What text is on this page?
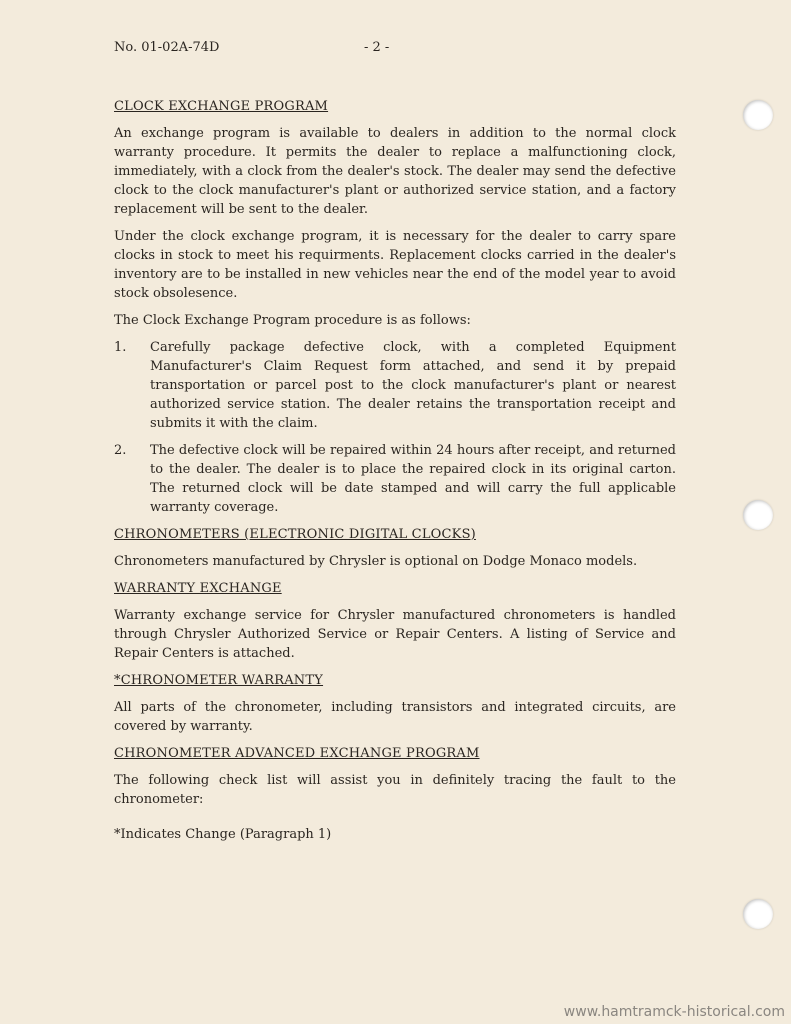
No. 01-02A-74D	- 2 -
CLOCK EXCHANGE PROGRAM

An exchange program is available to dealers in addition to the normal clock warranty procedure. It permits the dealer to replace a malfunctioning clock, immediately, with a clock from the dealer's stock. The dealer may send the defective clock to the clock manufacturer's plant or authorized service station, and a factory replacement will be sent to the dealer.

Under the clock exchange program, it is necessary for the dealer to carry spare clocks in stock to meet his requirments. Replacement clocks carried in the dealer's inventory are to be installed in new vehicles near the end of the model year to avoid stock obsolesence.

The Clock Exchange Program procedure is as follows:

1.	Carefully package defective clock, with a completed Equipment Manufacturer's Claim Request form attached, and send it by prepaid transportation or parcel post to the clock manufacturer's plant or nearest authorized service station. The dealer retains the transportation receipt and submits it with the claim.
2.	The defective clock will be repaired within 24 hours after receipt, and returned to the dealer. The dealer is to place the repaired clock in its original carton. The returned clock will be date stamped and will carry the full applicable warranty coverage.
CHRONOMETERS (ELECTRONIC DIGITAL CLOCKS)

Chronometers manufactured by Chrysler is optional on Dodge Monaco models.

WARRANTY EXCHANGE

Warranty exchange service for Chrysler manufactured chronometers is handled through Chrysler Authorized Service or Repair Centers. A listing of Service and Repair Centers is attached.

*CHRONOMETER WARRANTY

All parts of the chronometer, including transistors and integrated circuits, are covered by warranty.

CHRONOMETER ADVANCED EXCHANGE PROGRAM

The following check list will assist you in definitely tracing the fault to the chronometer:

*Indicates Change (Paragraph 1)

www.hamtramck-historical.com
